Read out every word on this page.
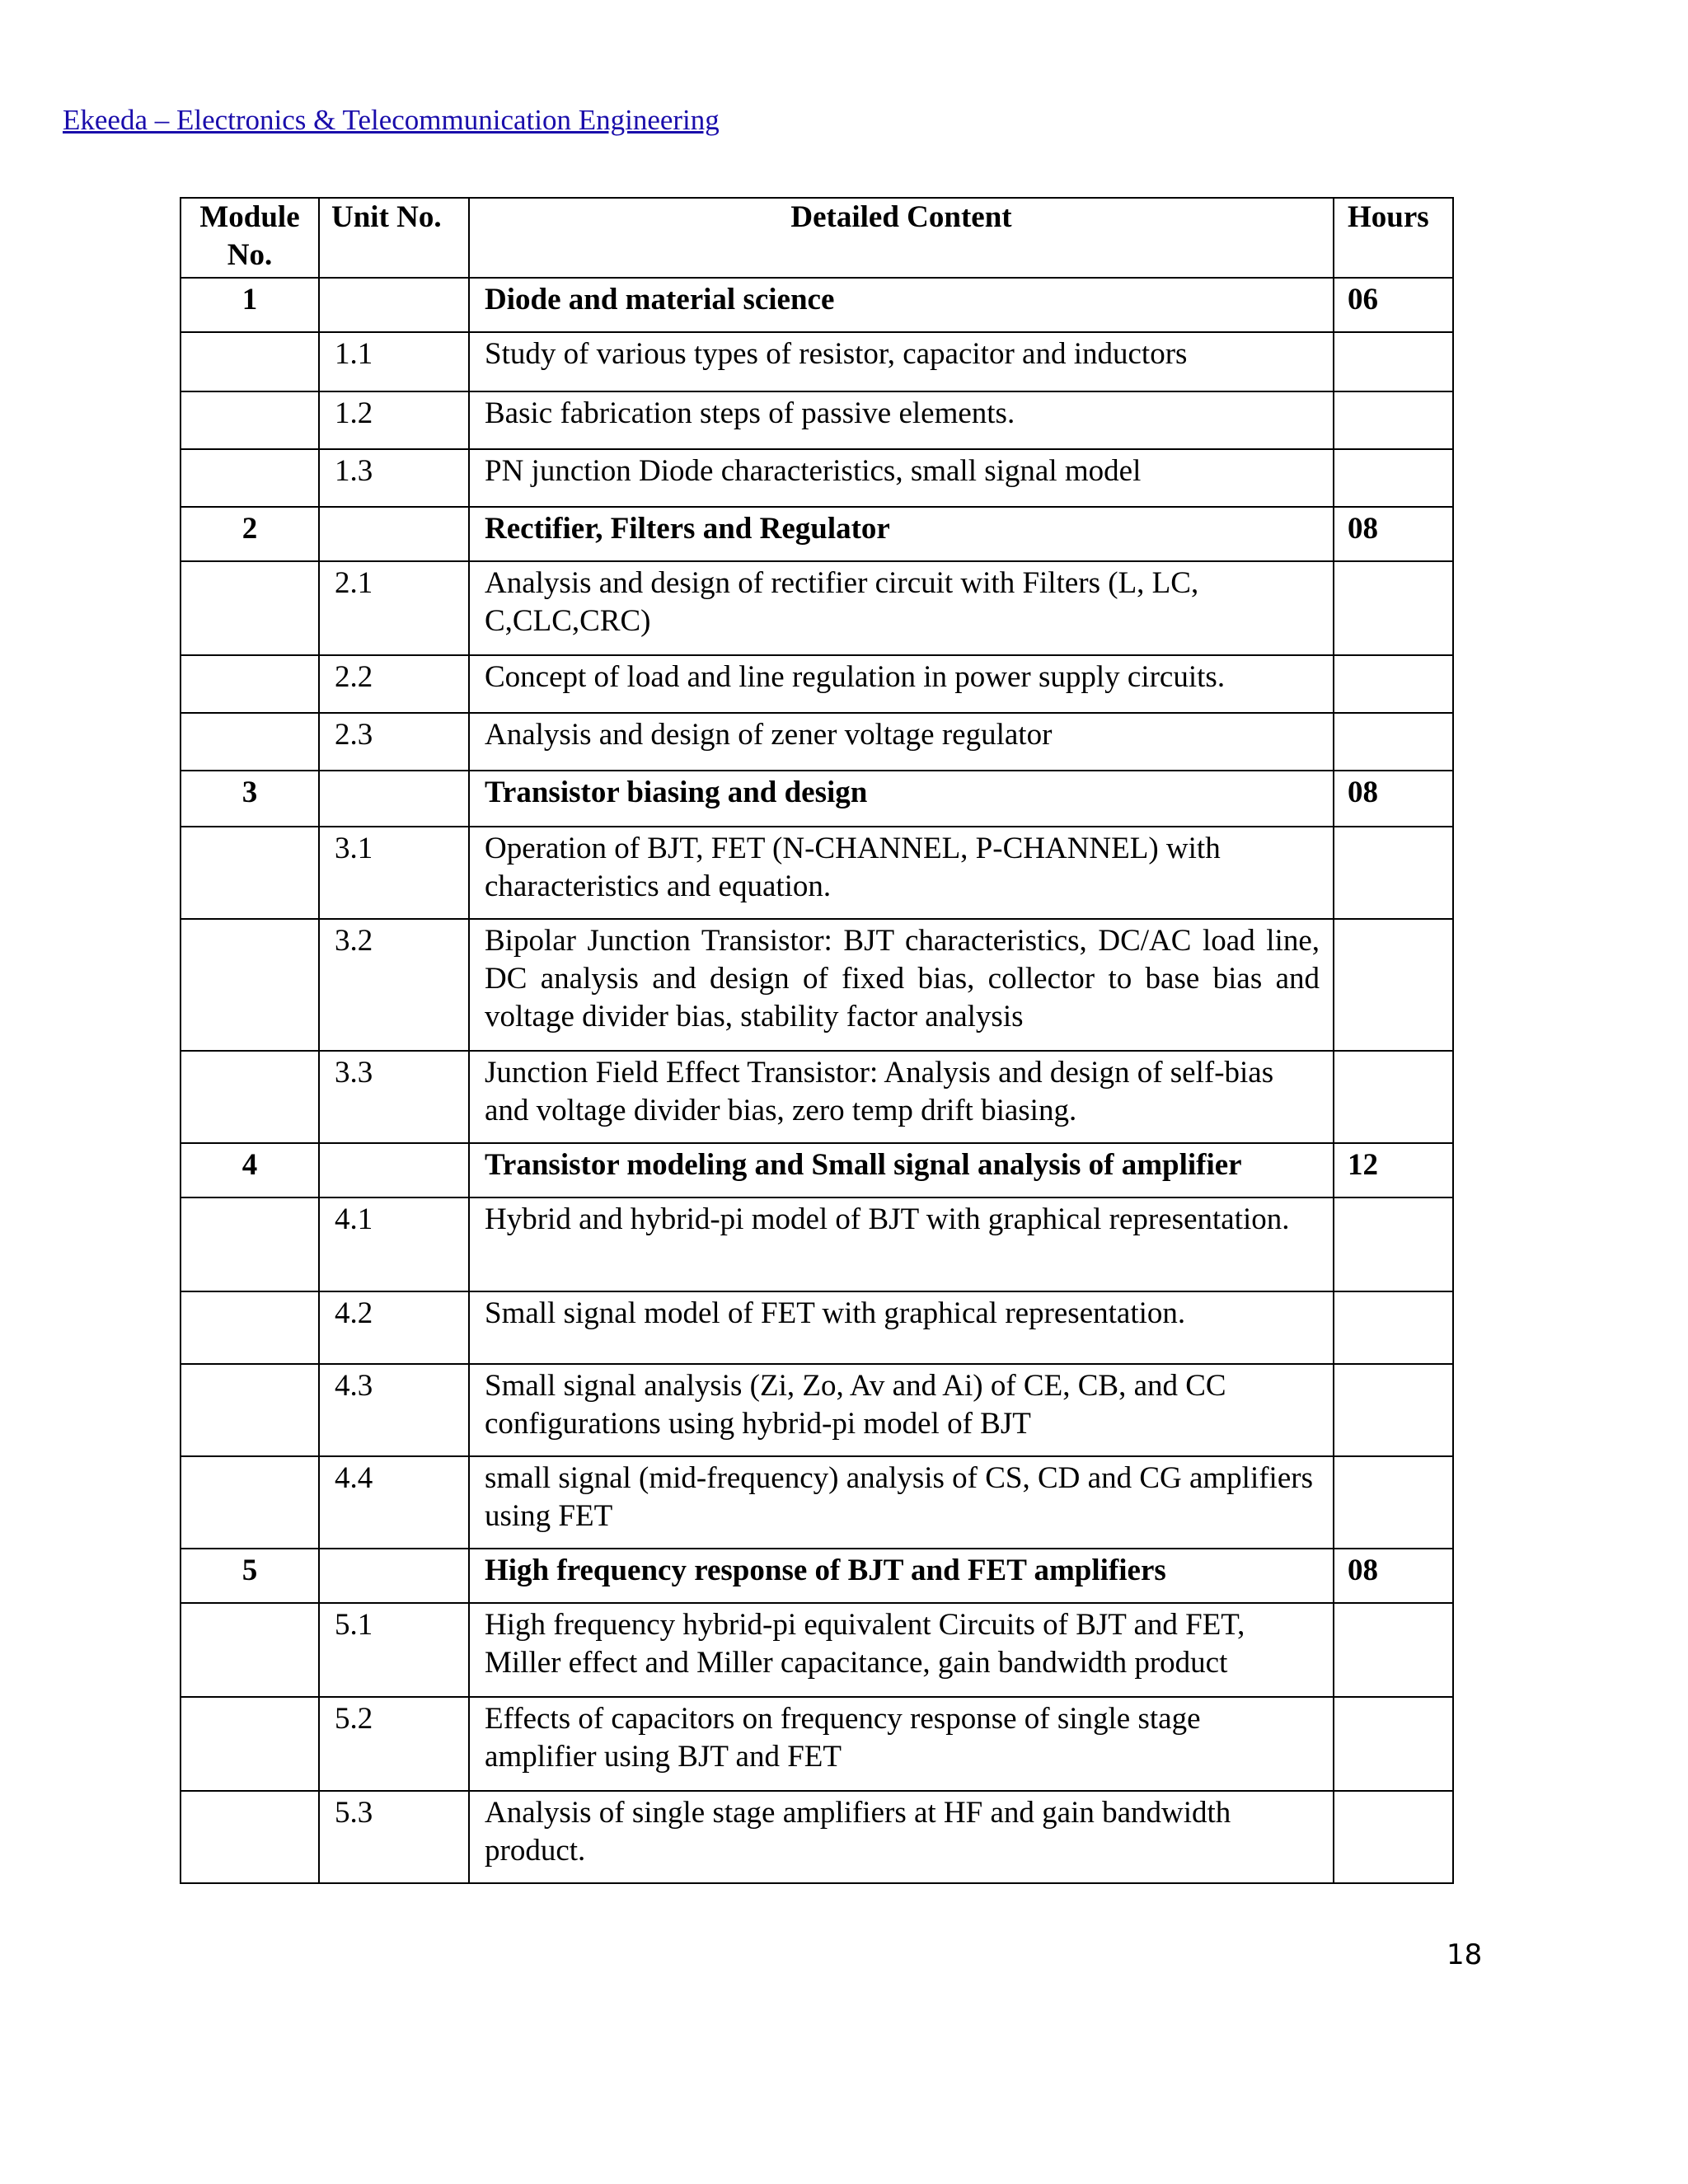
Ekeeda – Electronics & Telecommunication Engineering
Module No.	Unit No.	Detailed Content	Hours

1		Diode and material science	06

	1.1	Study of various types of resistor, capacitor and inductors	

	1.2	Basic fabrication steps of passive elements.	

	1.3	PN junction Diode characteristics, small signal model	

2		Rectifier, Filters and Regulator	08

	2.1	Analysis and design of rectifier circuit with Filters (L, LC, C,CLC,CRC)	

	2.2	Concept of load and line regulation in power supply circuits.	

	2.3	Analysis and design of zener voltage regulator	

3		Transistor biasing and design	08

	3.1	Operation of BJT, FET (N-CHANNEL, P-CHANNEL) with characteristics and equation.	

	3.2	Bipolar Junction Transistor: BJT characteristics, DC/AC load line, DC analysis and design of fixed bias, collector to base bias and voltage divider bias, stability factor analysis	

	3.3	Junction Field Effect Transistor: Analysis and design of self-bias and voltage divider bias, zero temp drift biasing.	

4		Transistor modeling and Small signal analysis of amplifier	12

	4.1	Hybrid and hybrid-pi model of BJT with graphical representation.	

	4.2	Small signal model of FET with graphical representation.	

	4.3	Small signal analysis (Zi, Zo, Av and Ai) of CE, CB, and CC configurations using hybrid-pi model of BJT	

	4.4	small signal (mid-frequency) analysis of CS, CD and CG amplifiers using FET	

5		High frequency response of BJT and FET amplifiers	08

	5.1	High frequency hybrid-pi equivalent Circuits of BJT and FET, Miller effect and Miller capacitance, gain bandwidth product	

	5.2	Effects of capacitors on frequency response of single stage amplifier using BJT and FET	

	5.3	Analysis of single stage amplifiers at HF and gain bandwidth product.	

18
